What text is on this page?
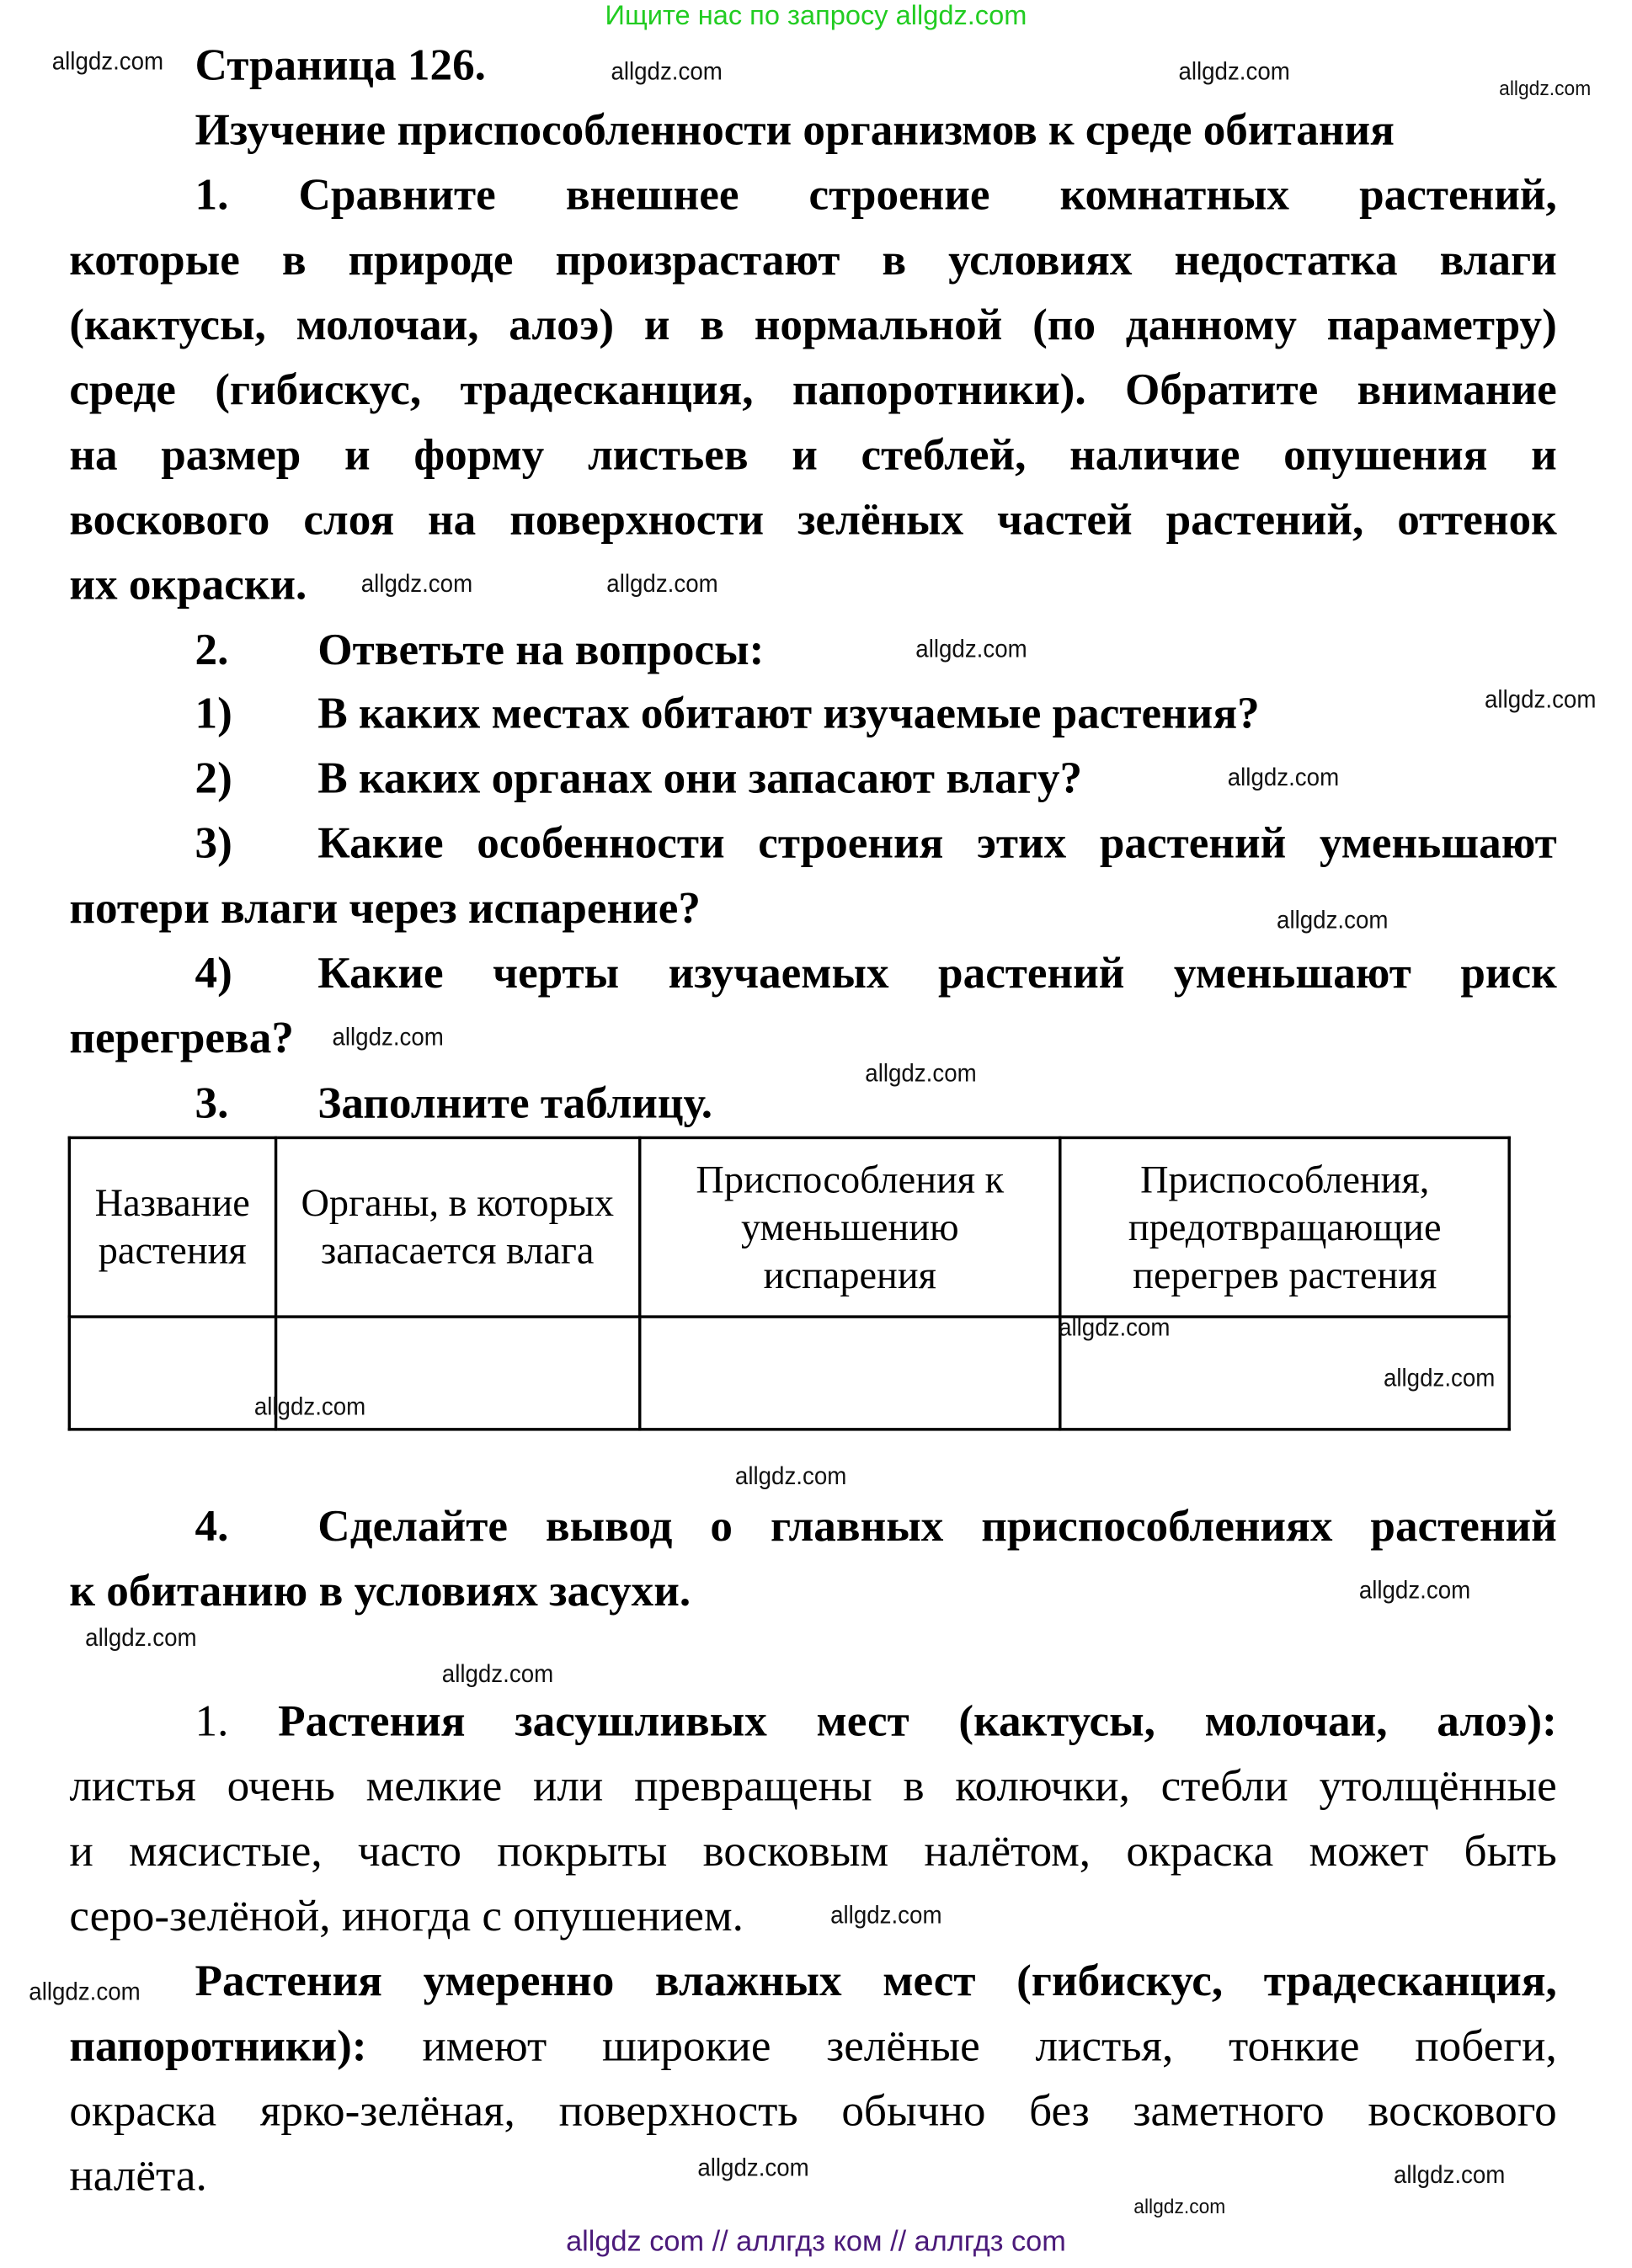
Ищите нас по запросу allgdz.com
Страница 126.
Изучение приспособленности организмов к среде обитания
1. Сравните внешнее строение комнатных растений,
которые в природе произрастают в условиях недостатка влаги
(кактусы, молочаи, алоэ) и в нормальной (по данному параметру)
среде (гибискус, традесканция, папоротники). Обратите внимание
на размер и форму листьев и стеблей, наличие опушения и
воскового слоя на поверхности зелёных частей растений, оттенок
их окраски.
2.	Ответьте на вопросы:
1)	В каких местах обитают изучаемые растения?
2)	В каких органах они запасают влагу?
3)	Какие особенности строения этих растений уменьшают
потери влаги через испарение?
4)	Какие черты изучаемых растений уменьшают риск
перегрева?
3.	Заполните таблицу.
Название растения	Органы, в которых запасается влага	Приспособления к уменьшению испарения	Приспособления, предотвращающие перегрев растения

4.	Сделайте вывод о главных приспособлениях растений
к обитанию в условиях засухи.
1. Растения засушливых мест (кактусы, молочаи, алоэ):
листья очень мелкие или превращены в колючки, стебли утолщённые
и мясистые, часто покрыты восковым налётом, окраска может быть
серо-зелёной, иногда с опушением.
Растения умеренно влажных мест (гибискус, традесканция,
папоротники): имеют широкие зелёные листья, тонкие побеги,
окраска ярко-зелёная, поверхность обычно без заметного воскового
налёта.
allgdz.com
allgdz.com
allgdz.com	allgdz.com
allgdz.com	allgdz.com
allgdz.com
allgdz.com
allgdz.com
allgdz.com
allgdz.com
allgdz.com
allgdz.com
allgdz.com
allgdz.com
allgdz.com
allgdz.com
allgdz.com
allgdz.com
allgdz.com
allgdz.com
allgdz.com
allgdz.com
allgdz.com
allgdz com // аллгдз ком // аллгдз com
